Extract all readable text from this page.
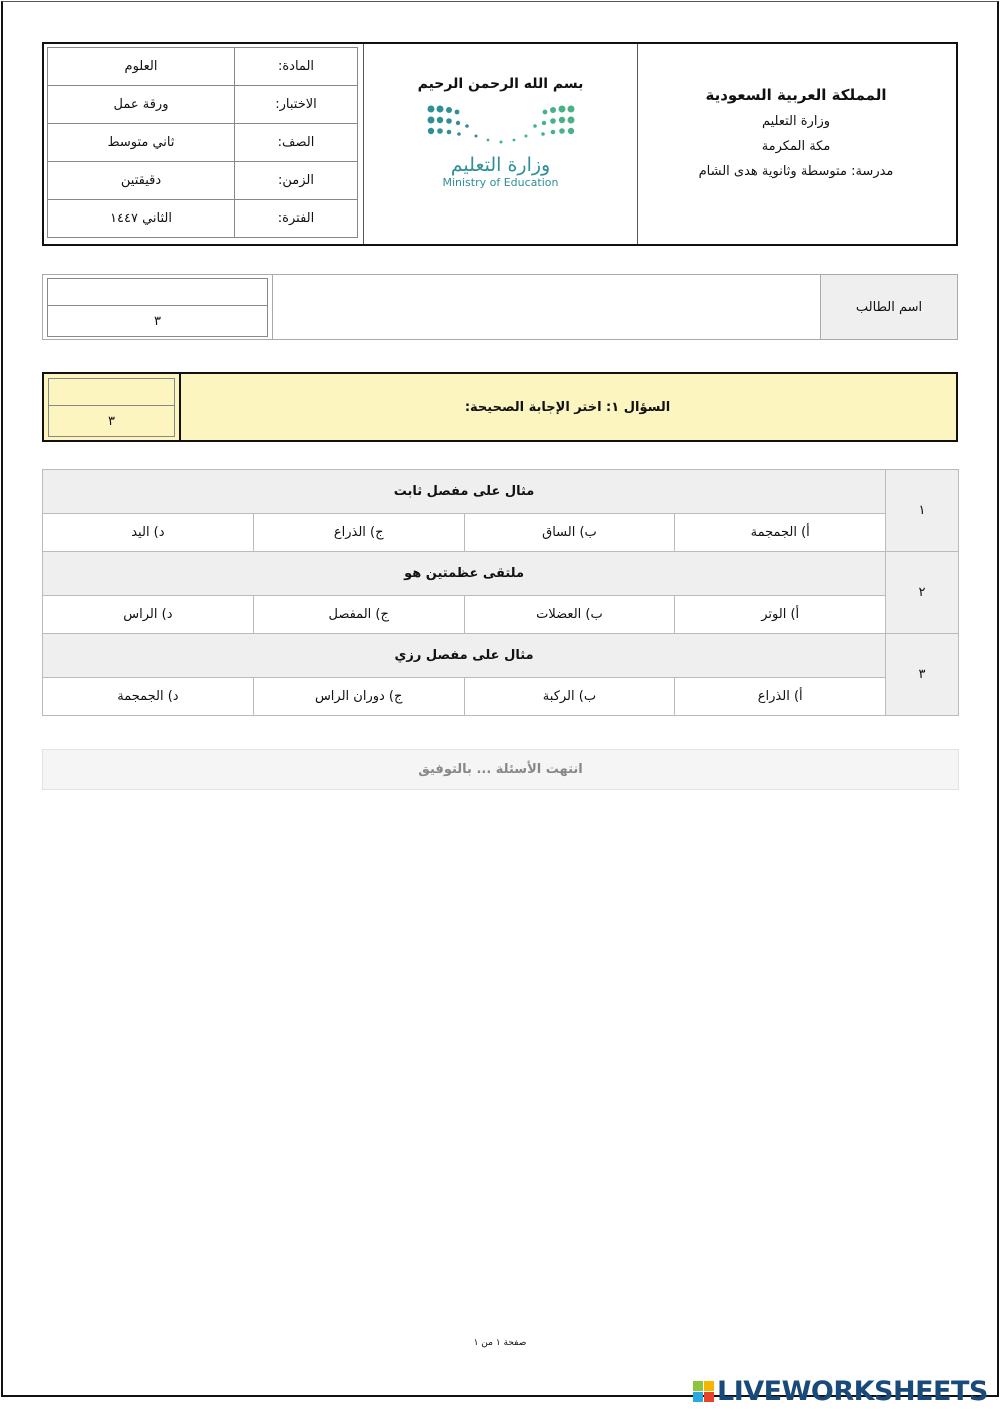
المملكة العربية السعودية
وزارة التعليم
مكة المكرمة
مدرسة: متوسطة وثانوية هدى الشام
بسم الله الرحمن الرحيم
وزارة التعليم
Ministry of Education
المادة:	العلوم
الاختبار:	ورقة عمل
الصف:	ثاني متوسط
الزمن:	دقيقتين
الفترة:	الثاني ١٤٤٧
اسم الطالب
٣
السؤال ١: اختر الإجابة الصحيحة:
٣
١	مثال على مفصل ثابت			
	أ) الجمجمة	ب) الساق	ج) الذراع	د) اليد
٢	ملتقى عظمتين هو			
	أ) الوتر	ب) العضلات	ج) المفصل	د) الراس
٣	مثال على مفصل رزي			
	أ) الذراع	ب) الركبة	ج) دوران الراس	د) الجمجمة
انتهت الأسئلة ... بالتوفيق
صفحة ١ من ١
LIVEWORKSHEETS
